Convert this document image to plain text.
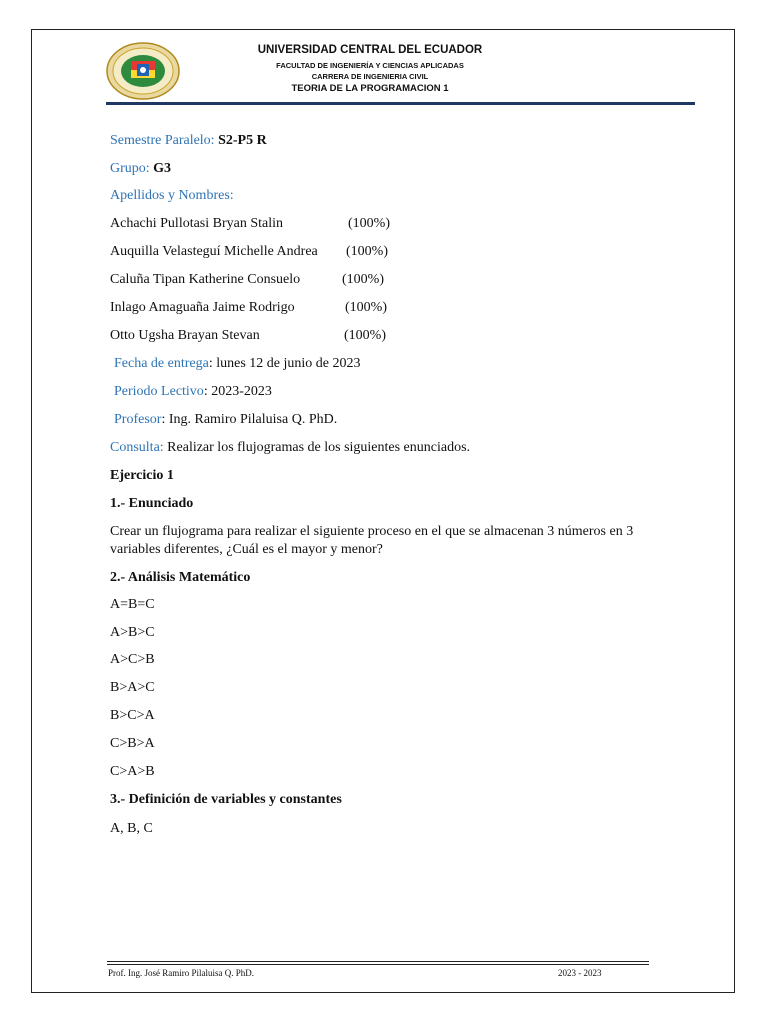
UNIVERSIDAD CENTRAL DEL ECUADOR
FACULTAD DE INGENIERÍA Y CIENCIAS APLICADAS
CARRERA DE INGENIERIA CIVIL
TEORIA DE LA PROGRAMACION 1
Semestre Paralelo: S2-P5 R
Grupo: G3
Apellidos y Nombres:
Achachi Pullotasi Bryan Stalin	(100%)
Auquilla Velasteguí Michelle Andrea (100%)
Caluña Tipan Katherine Consuelo	(100%)
Inlago Amaguaña Jaime Rodrigo	(100%)
Otto Ugsha Brayan Stevan	(100%)
Fecha de entrega: lunes 12 de junio de 2023
Periodo Lectivo: 2023-2023
Profesor: Ing. Ramiro Pilaluisa Q. PhD.
Consulta: Realizar los flujogramas de los siguientes enunciados.
Ejercicio 1
1.- Enunciado
Crear un flujograma para realizar el siguiente proceso en el que se almacenan 3 números en 3 variables diferentes, ¿Cuál es el mayor y menor?
2.- Análisis Matemático
A=B=C
A>B>C
A>C>B
B>A>C
B>C>A
C>B>A
C>A>B
3.- Definición de variables y constantes
A, B, C
Prof. Ing. José Ramiro Pilaluisa Q. PhD.	2023 - 2023
